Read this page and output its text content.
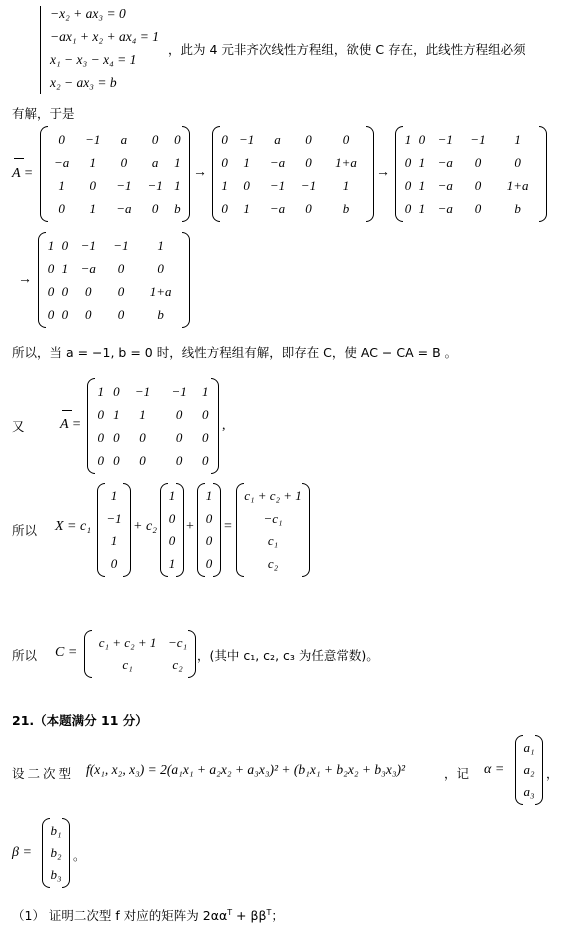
−x₂ + ax₃ = 0
−ax₁ + x₂ + ax₄ = 1
x₁ − x₃ − x₄ = 1
x₂ − ax₃ = b
，此为 4 元非齐次线性方程组，欲使 C 存在，此线性方程组必须
有解，于是
A =
0	−1	a	0	0
−a	1	0	a	1
1	0	−1	−1	1
0	1	−a	0	b
→
0	−1	a	0	0
0	1	−a	0	1+a
1	0	−1	−1	1
0	1	−a	0	b
→
1	0	−1	−1	1
0	1	−a	0	0
0	1	−a	0	1+a
0	1	−a	0	b
→
1	0	−1	−1	1
0	1	−a	0	0
0	0	0	0	1+a
0	0	0	0	b
所以，当 a = −1, b = 0 时，线性方程组有解，即存在 C，使 AC − CA = B 。
又	A =
1	0	−1	−1	1
0	1	1	0	0
0	0	0	0	0
0	0	0	0	0
,
所以 X = c₁
1
−1
1
0
+ c₂
1
0
0
1
+
1
0
0
0
=
c₁ + c₂ + 1
−c₁
c₁
c₂
所以 C =
c₁ + c₂ + 1	−c₁
c₁	c₂
，(其中 c₁, c₂, c₃ 为任意常数)。
21.（本题满分 11 分）
设二次型 f(x₁, x₂, x₃) = 2(a₁x₁ + a₂x₂ + a₃x₃)² + (b₁x₁ + b₂x₂ + b₃x₃)²	，记 α =
a₁
a₂
a₃
，
β =
b₁
b₂
b₃
。
（1） 证明二次型 f 对应的矩阵为 $2\alpha\alpha^T + \beta\beta^T$；
